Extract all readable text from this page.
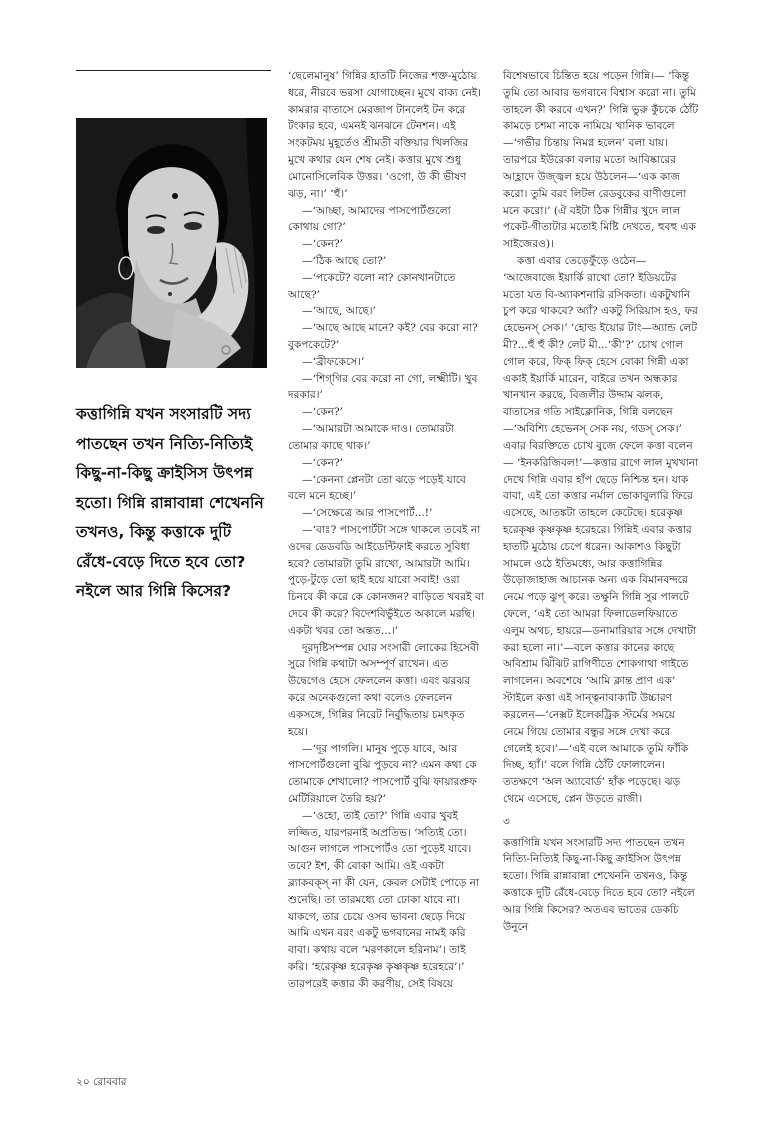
কত্তাগিন্নি যখন সংসারটি সদ্য পাতছেন তখন নিত্যি-নিত্যিই কিছু-না-কিছু ক্রাইসিস উৎপন্ন হতো। গিন্নি রান্নাবান্না শেখেননি তখনও, কিন্তু কত্তাকে দুটি রেঁধে-বেড়ে দিতে হবে তো? নইলে আর গিন্নি কিসের?

‘ছেলেমানুষ’ গিন্নির হাতটি নিজের শক্ত-মুঠোয় ধরে, নীরবে ভরসা যোগাচ্ছেন। মুখে বাক্য নেই। কামরার বাতাসে মেরজাপ টানলেই টন করে টংকার হবে, এমনই ঝনঝনে টেনশন। এই সংকটময় মুহূর্তেও শ্রীমতী বক্তিয়ার খিলজির মুখে কথার যেন শেষ নেই। কত্তার মুখে শুধু মোনোসিলেবিক উত্তর। ‘ওগো, উ কী ভীষণ ঝড়, না।’ ‘হুঁ।’

—‘আচ্ছা, আমাদের পাসপোর্টগুলো কোথায় গো?’

—‘কেন?’

—‘ঠিক আছে তো?’

—‘পকেটে? বলো না? কোনখানটাতে আছে?’

—‘আছে, আছে।’

—‘আছে আছে মানে? কই? বের করো না? বুকপকেটে?’

—‘ব্রীফকেসে।’

—‘শিগ্‌গির বের করো না গো, লক্ষ্মীটি। খুব দরকার।’

—‘কেন?’

—‘আমারটা আমাকে দাও। তোমারটা তোমার কাছে থাক।’

—‘কেন?’

—‘কেননা প্লেনটা তো ঝড়ে পড়েই যাবে বলে মনে হচ্ছে।’

—‘সেক্ষেত্রে আর পাসপোর্ট...!’

—‘বাঃ? পাসপোর্টটা সঙ্গে থাকলে তবেই না ওদের ডেডবডি আইডেন্টিফাই করতে সুবিধা হবে? তোমারটা তুমি রাখো, আমারটা আমি। পুড়ে-টুড়ে তো ছাই হয়ে যাবো সবাই! ওরা চিনবে কী করে কে কোনজন? বাড়িতে খবরই বা দেবে কী করে? বিদেশবিভুঁইতে অকালে মরছি। একটা খবর তো অন্তত...।’

দূরদৃষ্টিসম্পন্ন ঘোর সংসারী লোকের হিসেবী সুরে গিন্নি কথাটা অসম্পূর্ণ রাখেন। এত উদ্বেগেও হেসে ফেললেন কত্তা। এবং ঝরঝর করে অনেকগুলো কথা বলেও ফেললেন একসঙ্গে, গিন্নির নিরেট নির্বুদ্ধিতায় চমৎকৃত হয়ে।

—‘দূর পাগলি। মানুষ পুড়ে যাবে, আর পাসপোর্টগুলো বুঝি পুড়বে না? এমন কথা কে তোমাকে শেখালো? পাসপোর্ট বুঝি ফায়ারপ্রুফ মেটিরিয়ালে তৈরি হয়?’

—‘ওহো, তাই তো?’ গিন্নি এবার খুবই লজ্জিত, যারপরনাই অপ্রতিভ। ‘সত্যিই তো। আগুন লাগলে পাসপোর্টও তো পুড়েই যাবে। তবে? ইশ, কী বোকা আমি। ওই একটা ব্ল্যাকবক্স্‌ না কী যেন, কেবল সেটাই পোড়ে না শুনেছি। তা তারমধ্যে তো ঢোকা যাবে না। যাকগে, তার চেয়ে ওসব ভাবনা ছেড়ে দিয়ে আমি এখন বরং একটু ভগবানের নামই করি বাবা। কথায় বলে ‘মরণকালে হরিনাম’। তাই করি। ‘হরেকৃষ্ণ হরেকৃষ্ণ কৃষ্ণকৃষ্ণ হরেহরে’।’ তারপরেই কত্তার কী করণীয়, সেই বিষয়ে

বিশেষভাবে চিন্তিত হয়ে পড়েন গিন্নি।— ‘কিন্তু তুমি তো আবার ভগবানে বিশ্বাস করো না। তুমি তাহলে কী করবে এখন?’ গিন্নি ভুরু কুঁচকে ঠোঁট কামড়ে চশমা নাকে নামিয়ে খানিক ভাবলে—‘গভীর চিন্তায় নিমগ্ন হলেন’ বলা যায়। তারপরে ইউরেকা বলার মতো আবিষ্কারের আহ্লাদে উজ্জ্বল হয়ে উঠলেন—‘এক কাজ করো। তুমি বরং লিটল রেডবুকের বাণীগুলো মনে করো।’ (ঐ বইটা ঠিক গিন্নীর খুদে লাল পকেট-গীতাটার মতোই মিষ্টি দেখতে, হুবহু এক সাইজেরও)।

কত্তা এবার তেড়েফুঁড়ে ওঠেন— ‘আজেবাজে ইয়ার্কি রাখো তো? ইডিয়টের মতো যত বি-অ্যাকশনারি রসিকতা। একটুখানি চুপ করে থাকবে? অ্যাঁ? একটু সিরিয়াস হও, ফর হেভেনস্‌ সেক।’ ‘হোল্ড ইয়োর টাং—অ্যান্ড লেট মী?...হুঁ হুঁ কী? লেট মী...‘কী’?’ চোখ গোল গোল করে, ফিক্‌ ফিক্‌ হেসে বোকা গিন্নী একা একাই ইয়ার্কি মারেন, বাইরে তখন অন্ধকার খানখান করছে, বিজলীর উদ্দাম ঝলক, বাতাসের গতি সাইক্লোনিক, গিন্নি বলছেন—‘অবিশ্যি হেভেনস্‌ সেক নয়, গডস্‌ সেক।’ এবার বিরক্তিতে চোখ বুজে ফেলে কত্তা বলেন— ‘ইনকরিজিবল!’—কত্তার রাগে লাল মুখখানা দেখে গিন্নি এবার হাঁপ ছেড়ে নিশ্চিন্ত হন। যাক বাবা, এই তো কত্তার নর্মাল ভোকাবুলারি ফিরে এসেছে, আতঙ্কটা তাহলে কেটেছে। হরেকৃষ্ণ হরেকৃষ্ণ কৃষ্ণকৃষ্ণ হরেহরে। গিন্নিই এবার কত্তার হাতটি মুঠোয় চেপে ধরেন। আকাশও কিছুটা সামলে ওঠে ইতিমধ্যে, আর কত্তাগিন্নির উড়োজাহাজ আচানক অন্য এক বিমানবন্দরে নেমে পড়ে ঝুপ্‌ করে। তক্ষুনি গিন্নি সুর পালটে ফেলে, ‘এই তো আমরা ফিলাডেলফিয়াতে এলুম অথচ, হায়রে—ডনামারিয়ার সঙ্গে দেখাটা করা হলো না।’—বলে কত্তার কানের কাছে অবিশ্রাম ঝিঁঝিট রাগিণীতে শোকগাথা গাইতে লাগলেন। অবশেষে ‘আমি ক্লান্ত প্রাণ এক’ স্টাইলে কত্তা এই সান্ত্বনাবাক্যটি উচ্চারণ করলেন—‘নেক্সট ইলেকট্রিক স্টর্মের সময়ে নেমে গিয়ে তোমার বন্ধুর সঙ্গে দেখা করে গেলেই হবে।’—‘এই বলে আমাকে তুমি ফাঁকি দিচ্ছ, হ্যাঁ।’ বলে গিন্নি ঠোঁট ফোলালেন। ততক্ষণে ‘অল অ্যাবোর্ড’ হাঁক পড়েছে। ঝড় থেমে এসেছে, প্লেন উড়তে রাজী।

৩

কত্তাগিন্নি যখন সংসারটি সদ্য পাতছেন তখন নিত্যি-নিত্যিই কিছু-না-কিছু ক্রাইসিস উৎপন্ন হতো। গিন্নি রান্নাবান্না শেখেননি তখনও, কিন্তু কত্তাকে দুটি রেঁধে-বেড়ে দিতে হবে তো? নইলে আর গিন্নি কিসের? অতএব ভাতের ডেকচি উনুনে

২০ রোববার
